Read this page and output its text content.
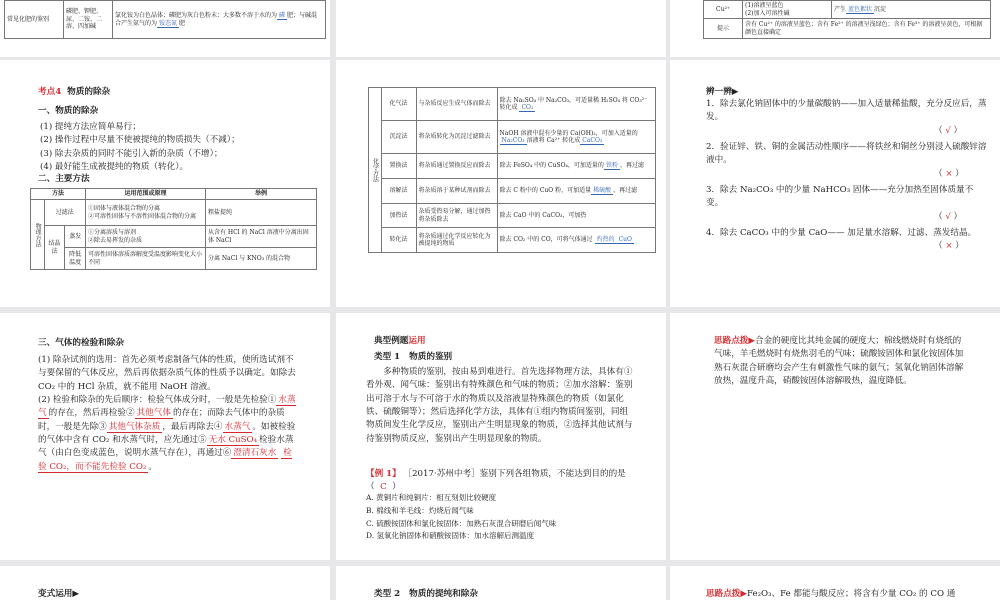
常见化肥的鉴别	磷肥、钾肥、
尿、二铵、二
溶、四加碱	氯化铵为白色晶体；磷肥为灰白色粉末；大多数不溶于水的为 磷 肥；与碱混合产生氨气的为 铵态氮 肥
Cu²⁺	(1)溶液呈蓝色
(2)加入可溶性碱	产生 蓝色絮状 沉淀
提示	含有 Cu²⁺ 的溶液呈蓝色；含有 Fe²⁺ 的溶液呈浅绿色；含有 Fe³⁺ 的溶液呈黄色，可根据颜色直接确定	
考点4 物质的除杂
一、物质的除杂
(1) 提纯方法应简单易行；
(2) 操作过程中尽量不使被提纯的物质损失（不减）；
(3) 除去杂质的同时不能引入新的杂质（不增）；
(4) 最好能生成被提纯的物质（转化）。
二、主要方法
方法			运用范围或原理	举例
物理方法	过滤法		①固体与液体混合物的分离
②可溶性固体与不溶性固体混合物的分离	粗盐提纯
	结晶法	蒸发	①分离溶质与溶剂
②除去易挥发的杂质	从含有 HCl 的 NaCl 溶液中分离出固体 NaCl
		降低温度	可溶性固体溶质溶解度受温度影响变化大小不同	分离 NaCl 与 KNO₃ 的混合物
化学方法	化气法	与杂质反应生成气体而除去	除去 Na₂SO₄ 中 Na₂CO₃，可适量稀 H₂SO₄ 将 CO₃²⁻ 转化成 CO₂
	沉淀法	将杂质转化为沉淀过滤除去	NaOH 溶液中混有少量的 Ca(OH)₂，可加入适量的Na₂CO₃ 溶液将 Ca²⁺ 转化成 CaCO₃
	置换法	将杂质通过置换反应而除去	除去 FeSO₄ 中的 CuSO₄，可加适量的 铁粉 ，再过滤
	溶解法	将杂质溶于某种试剂而除去	除去 C 粉中的 CuO 粉，可加适量 稀硫酸 ，再过滤
	加热法	杂质受热易分解，通过加热将杂质除去	除去 CaO 中的 CaCO₃，可加热
	转化法	将杂质通过化学反应转化为被提纯的物质	除去 CO₂ 中的 CO，可将气体通过 灼热的 CuO
辨一辨▶
1．除去氯化钠固体中的少量碳酸钠——加入适量稀盐酸，充分反应后，蒸发。
（ √ ）
2．验证锌、铁、铜的金属活动性顺序——将铁丝和铜丝分别浸入硫酸锌溶液中。
（ × ）
3．除去 Na₂CO₃ 中的少量 NaHCO₃ 固体——充分加热至固体质量不变。
（ √ ）
4．除去 CaCO₃ 中的少量 CaO—— 加足量水溶解、过滤、蒸发结晶。
（ × ）
三、气体的检验和除杂
(1) 除杂试剂的选用：首先必须考虑制备气体的性质，使所选试剂不与要保留的气体反应，然后再依据杂质气体的性质予以确定。如除去 CO₂ 中的 HCl 杂质，就不能用 NaOH 溶液。
(2) 检验和除杂的先后顺序：检验气体成分时，一般是先检验① 水蒸气 的存在，然后再检验② 其他气体 的存在；而除去气体中的杂质时，一般是先除③ 其他气体杂质 ，最后再除去④ 水蒸气 。如被检验的气体中含有 CO₂ 和水蒸气时，应先通过⑤ 无水 CuSO₄ 检验水蒸气（由白色变成蓝色，说明水蒸气存在），再通过⑥ 澄清石灰水 检验 CO₂，而不能先检验 CO₂ 。
典型例题运用
类型 1 物质的鉴别
多种物质的鉴别，按由易到难进行。首先选择物理方法，具体有①看外观、闻气味：鉴别出有特殊颜色和气味的物质；②加水溶解：鉴别出可溶于水与不可溶于水的物质以及溶液显特殊颜色的物质（如氯化铁、硫酸铜等）；然后选择化学方法，具体有①组内物质间鉴别，同组物质间发生化学反应，鉴别出产生明显现象的物质，②选择其他试剂与待鉴别物质反应，鉴别出产生明显现象的物质。
【例 1】 ［2017·苏州中考］鉴别下列各组物质，不能达到目的的是（ C ）
A. 黄铜片和纯铜片：相互刻划比较硬度
B. 棉线和羊毛线：灼烧后闻气味
C. 硫酸铵固体和氯化铵固体：加熟石灰混合研磨后闻气味
D. 氢氧化钠固体和硝酸铵固体：加水溶解后测温度
思路点拨▶合金的硬度比其纯金属的硬度大；棉线燃烧时有烧纸的气味，羊毛燃烧时有烧焦羽毛的气味；硫酸铵固体和氯化铵固体加熟石灰混合研磨均会产生有刺激性气味的氨气；氢氧化钠固体溶解放热，温度升高，硝酸铵固体溶解吸热，温度降低。
变式运用▶	类型 2 物质的提纯和除杂	思路点拨▶Fe₂O₃、Fe 都能与酸反应；将含有少量 CO₂ 的 CO 通
